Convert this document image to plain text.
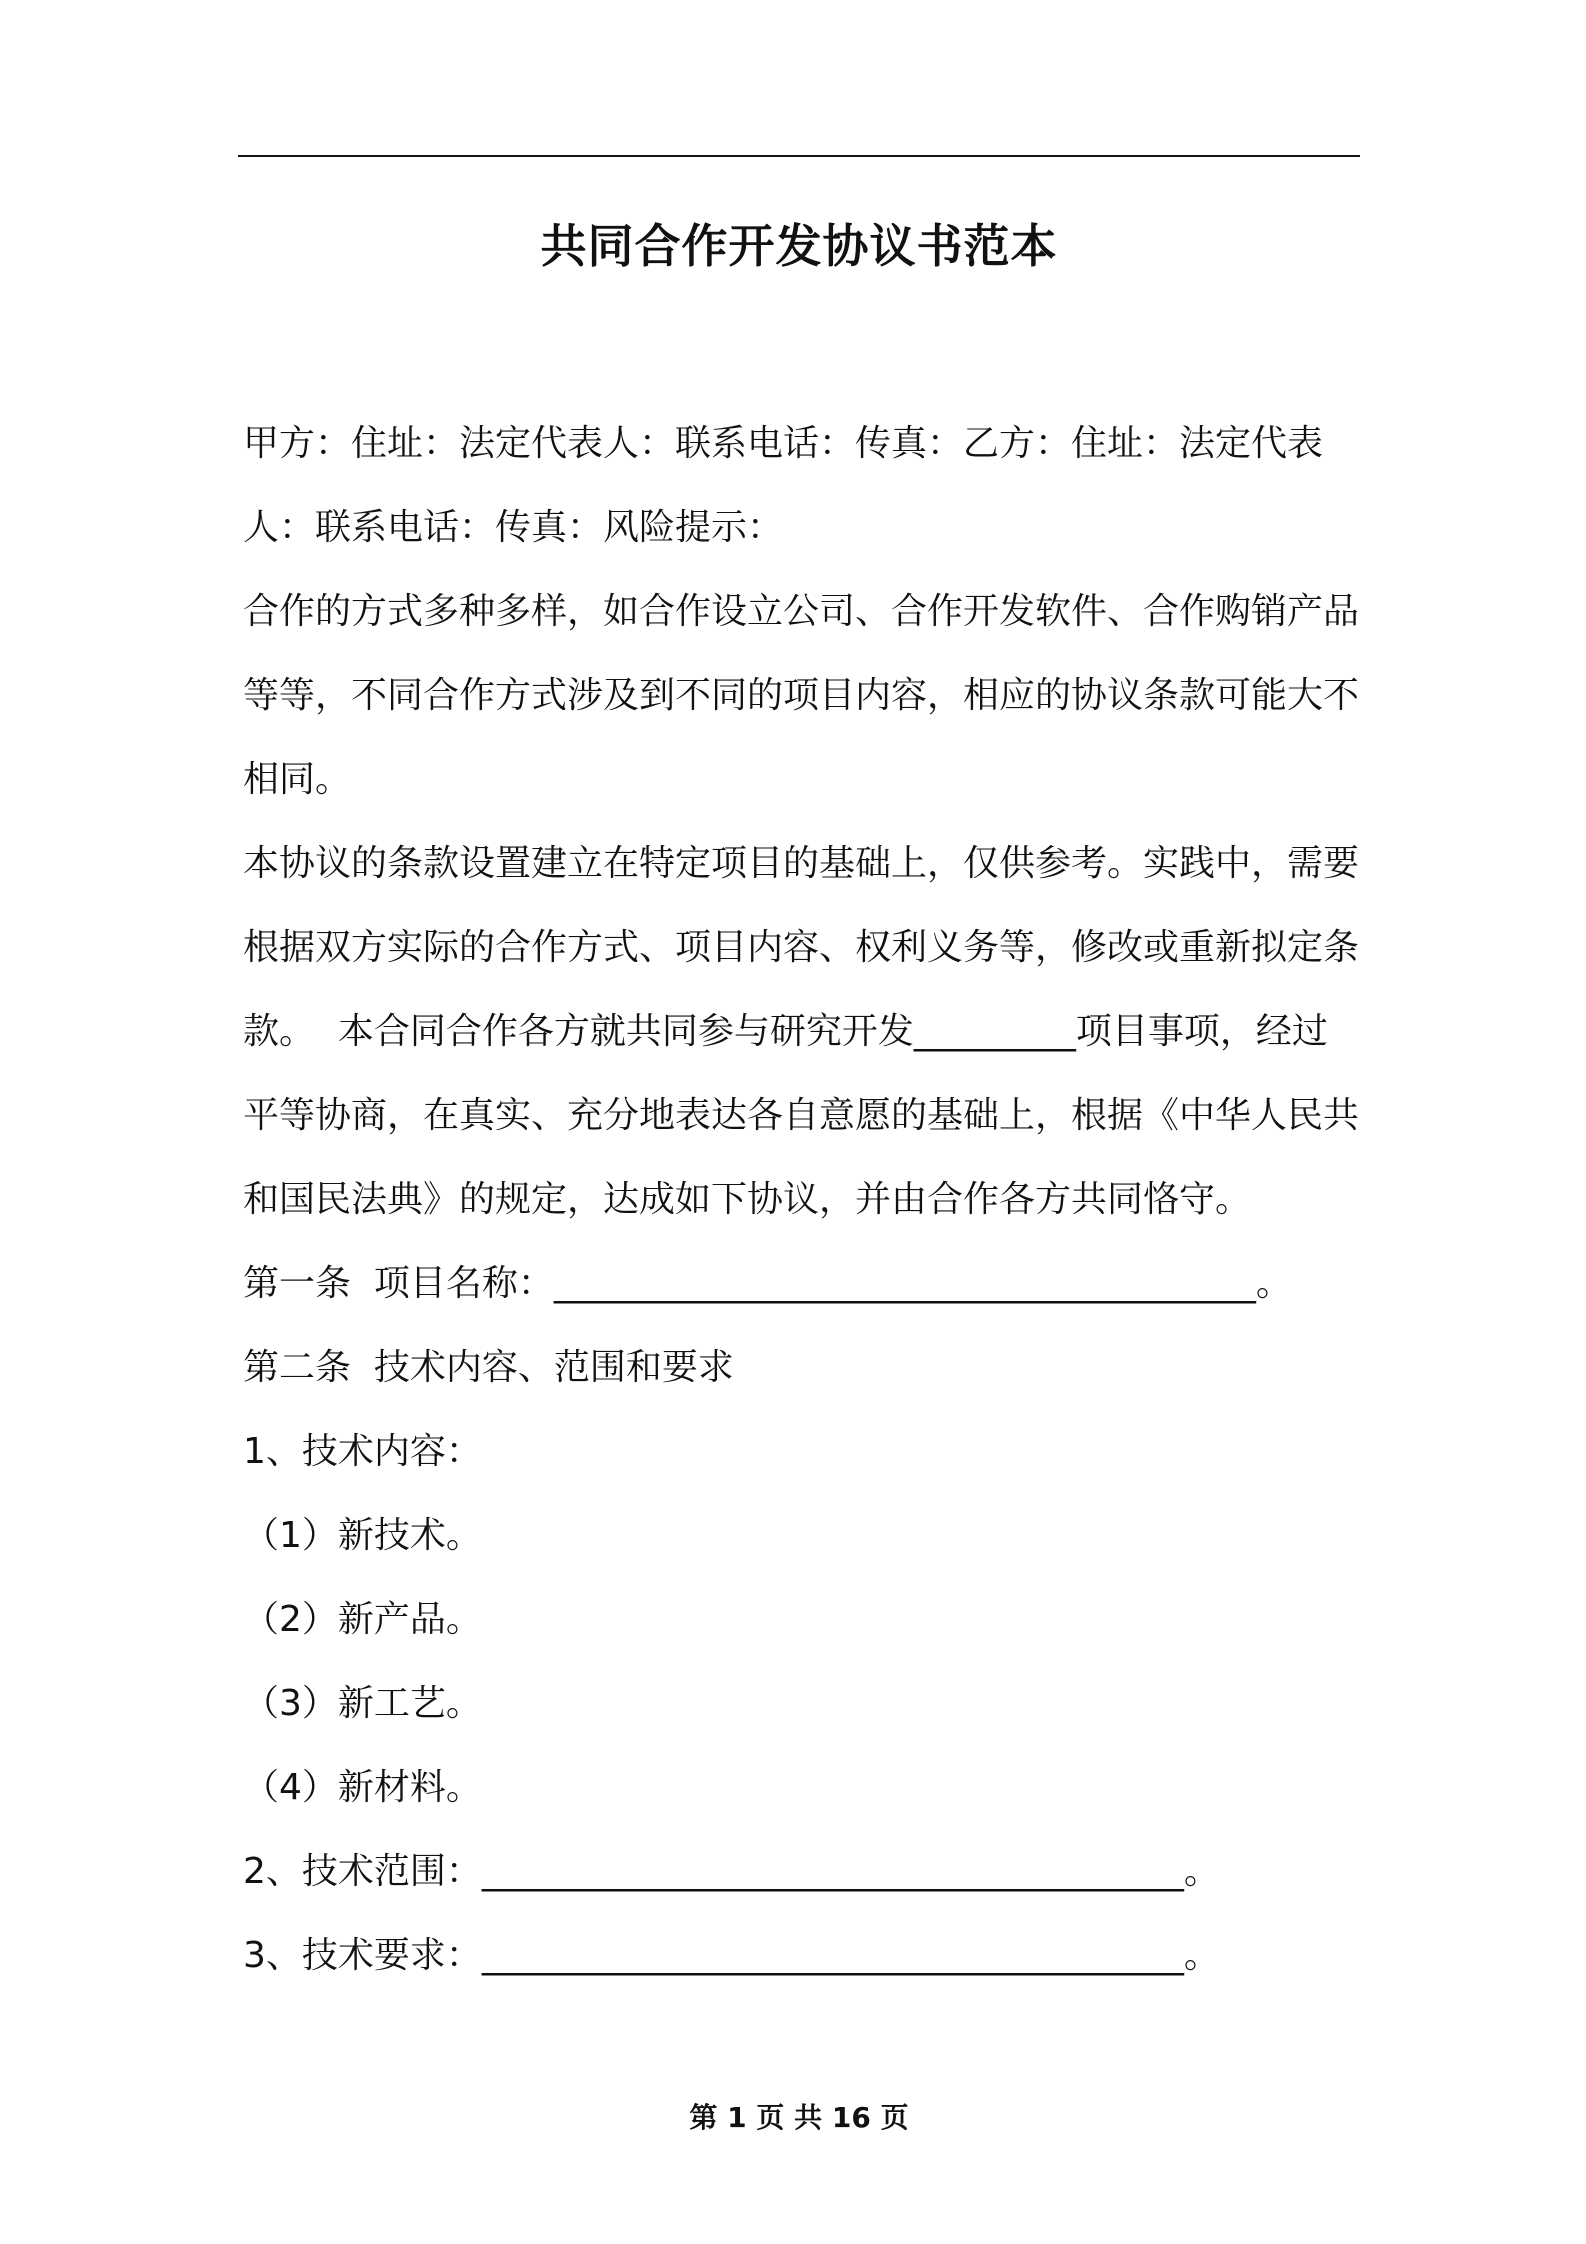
共同合作开发协议书范本

甲方：住址：法定代表人：联系电话：传真：乙方：住址：法定代表人：联系电话：传真：风险提示：

合作的方式多种多样，如合作设立公司、合作开发软件、合作购销产品等等，不同合作方式涉及到不同的项目内容，相应的协议条款可能大不相同。

本协议的条款设置建立在特定项目的基础上，仅供参考。实践中，需要根据双方实际的合作方式、项目内容、权利义务等，修改或重新拟定条款。  本合同合作各方就共同参与研究开发_________项目事项，经过平等协商，在真实、充分地表达各自意愿的基础上，根据《中华人民共和国民法典》的规定，达成如下协议，并由合作各方共同恪守。

第一条  项目名称：_______________________________________。

第二条  技术内容、范围和要求

1、技术内容：

（1）新技术。

（2）新产品。

（3）新工艺。

（4）新材料。

2、技术范围：_______________________________________。

3、技术要求：_______________________________________。

第 1 页 共 16 页
